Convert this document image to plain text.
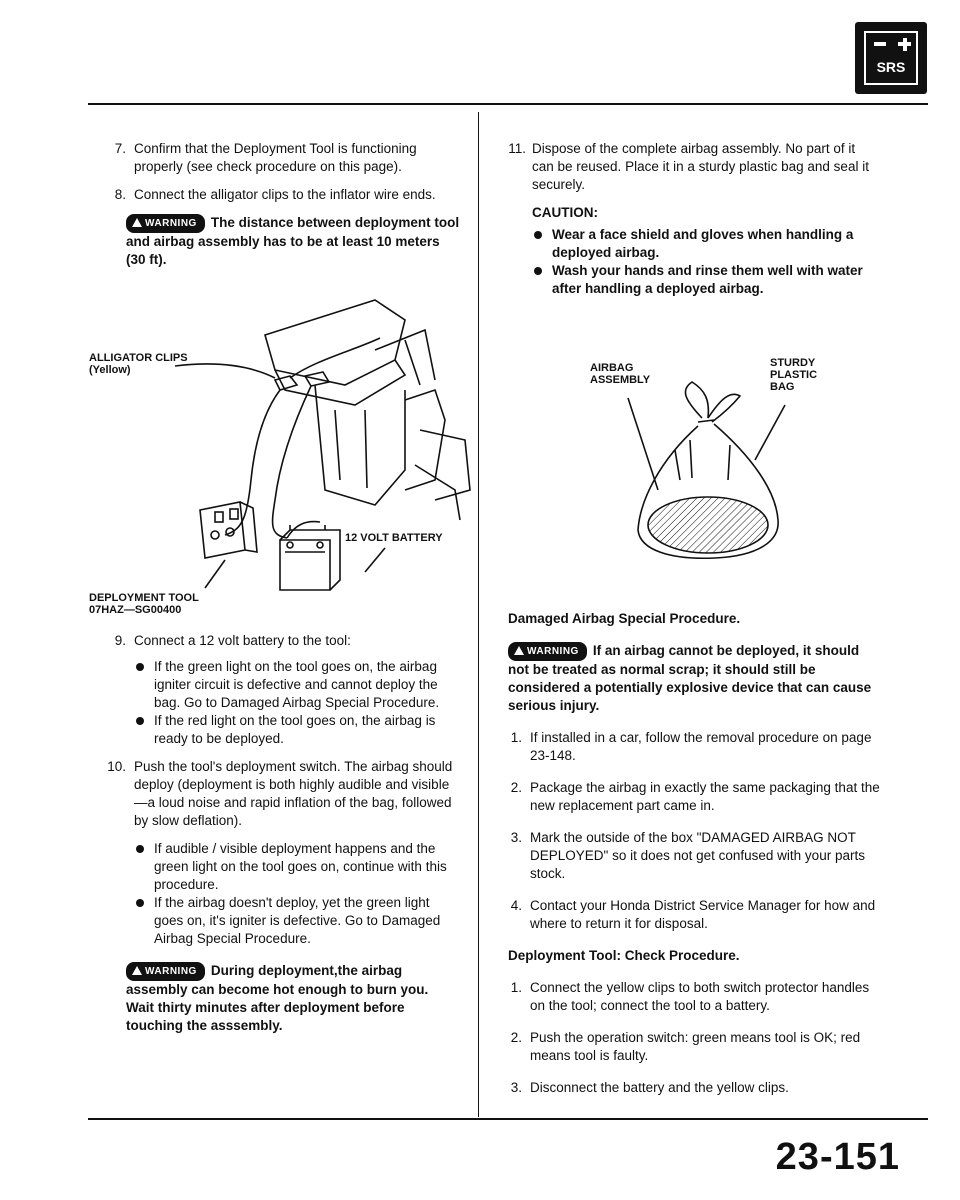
SRS
7. Confirm that the Deployment Tool is functioning properly (see check procedure on this page).

8. Connect the alligator clips to the inflator wire ends.

WARNING The distance between deployment tool and airbag assembly has to be at least 10 meters (30 ft).
ALLIGATOR CLIPS
(Yellow)
12 VOLT BATTERY
DEPLOYMENT TOOL
07HAZ—SG00400
9. Connect a 12 volt battery to the tool:

If the green light on the tool goes on, the airbag igniter circuit is defective and cannot deploy the bag. Go to Damaged Airbag Special Procedure.

If the red light on the tool goes on, the airbag is ready to be deployed.

10. Push the tool's deployment switch. The airbag should deploy (deployment is both highly audible and visible—a loud noise and rapid inflation of the bag, followed by slow deflation).

If audible / visible deployment happens and the green light on the tool goes on, continue with this procedure.

If the airbag doesn't deploy, yet the green light goes on, it's igniter is defective. Go to Damaged Airbag Special Procedure.

WARNING During deployment,the airbag assembly can become hot enough to burn you. Wait thirty minutes after deployment before touching the asssembly.
11. Dispose of the complete airbag assembly. No part of it can be reused. Place it in a sturdy plastic bag and seal it securely.

CAUTION:

Wear a face shield and gloves when handling a deployed airbag.

Wash your hands and rinse them well with water after handling a deployed airbag.

AIRBAG
ASSEMBLY
STURDY
PLASTIC
BAG

Damaged Airbag Special Procedure.

WARNING If an airbag cannot be deployed, it should not be treated as normal scrap; it should still be considered a potentially explosive device that can cause serious injury.
1. If installed in a car, follow the removal procedure on page 23-148.

2. Package the airbag in exactly the same packaging that the new replacement part came in.

3. Mark the outside of the box "DAMAGED AIRBAG NOT DEPLOYED" so it does not get confused with your parts stock.

4. Contact your Honda District Service Manager for how and where to return it for disposal.

Deployment Tool: Check Procedure.

1. Connect the yellow clips to both switch protector handles on the tool; connect the tool to a battery.

2. Push the operation switch: green means tool is OK; red means tool is faulty.

3. Disconnect the battery and the yellow clips.

23-151
